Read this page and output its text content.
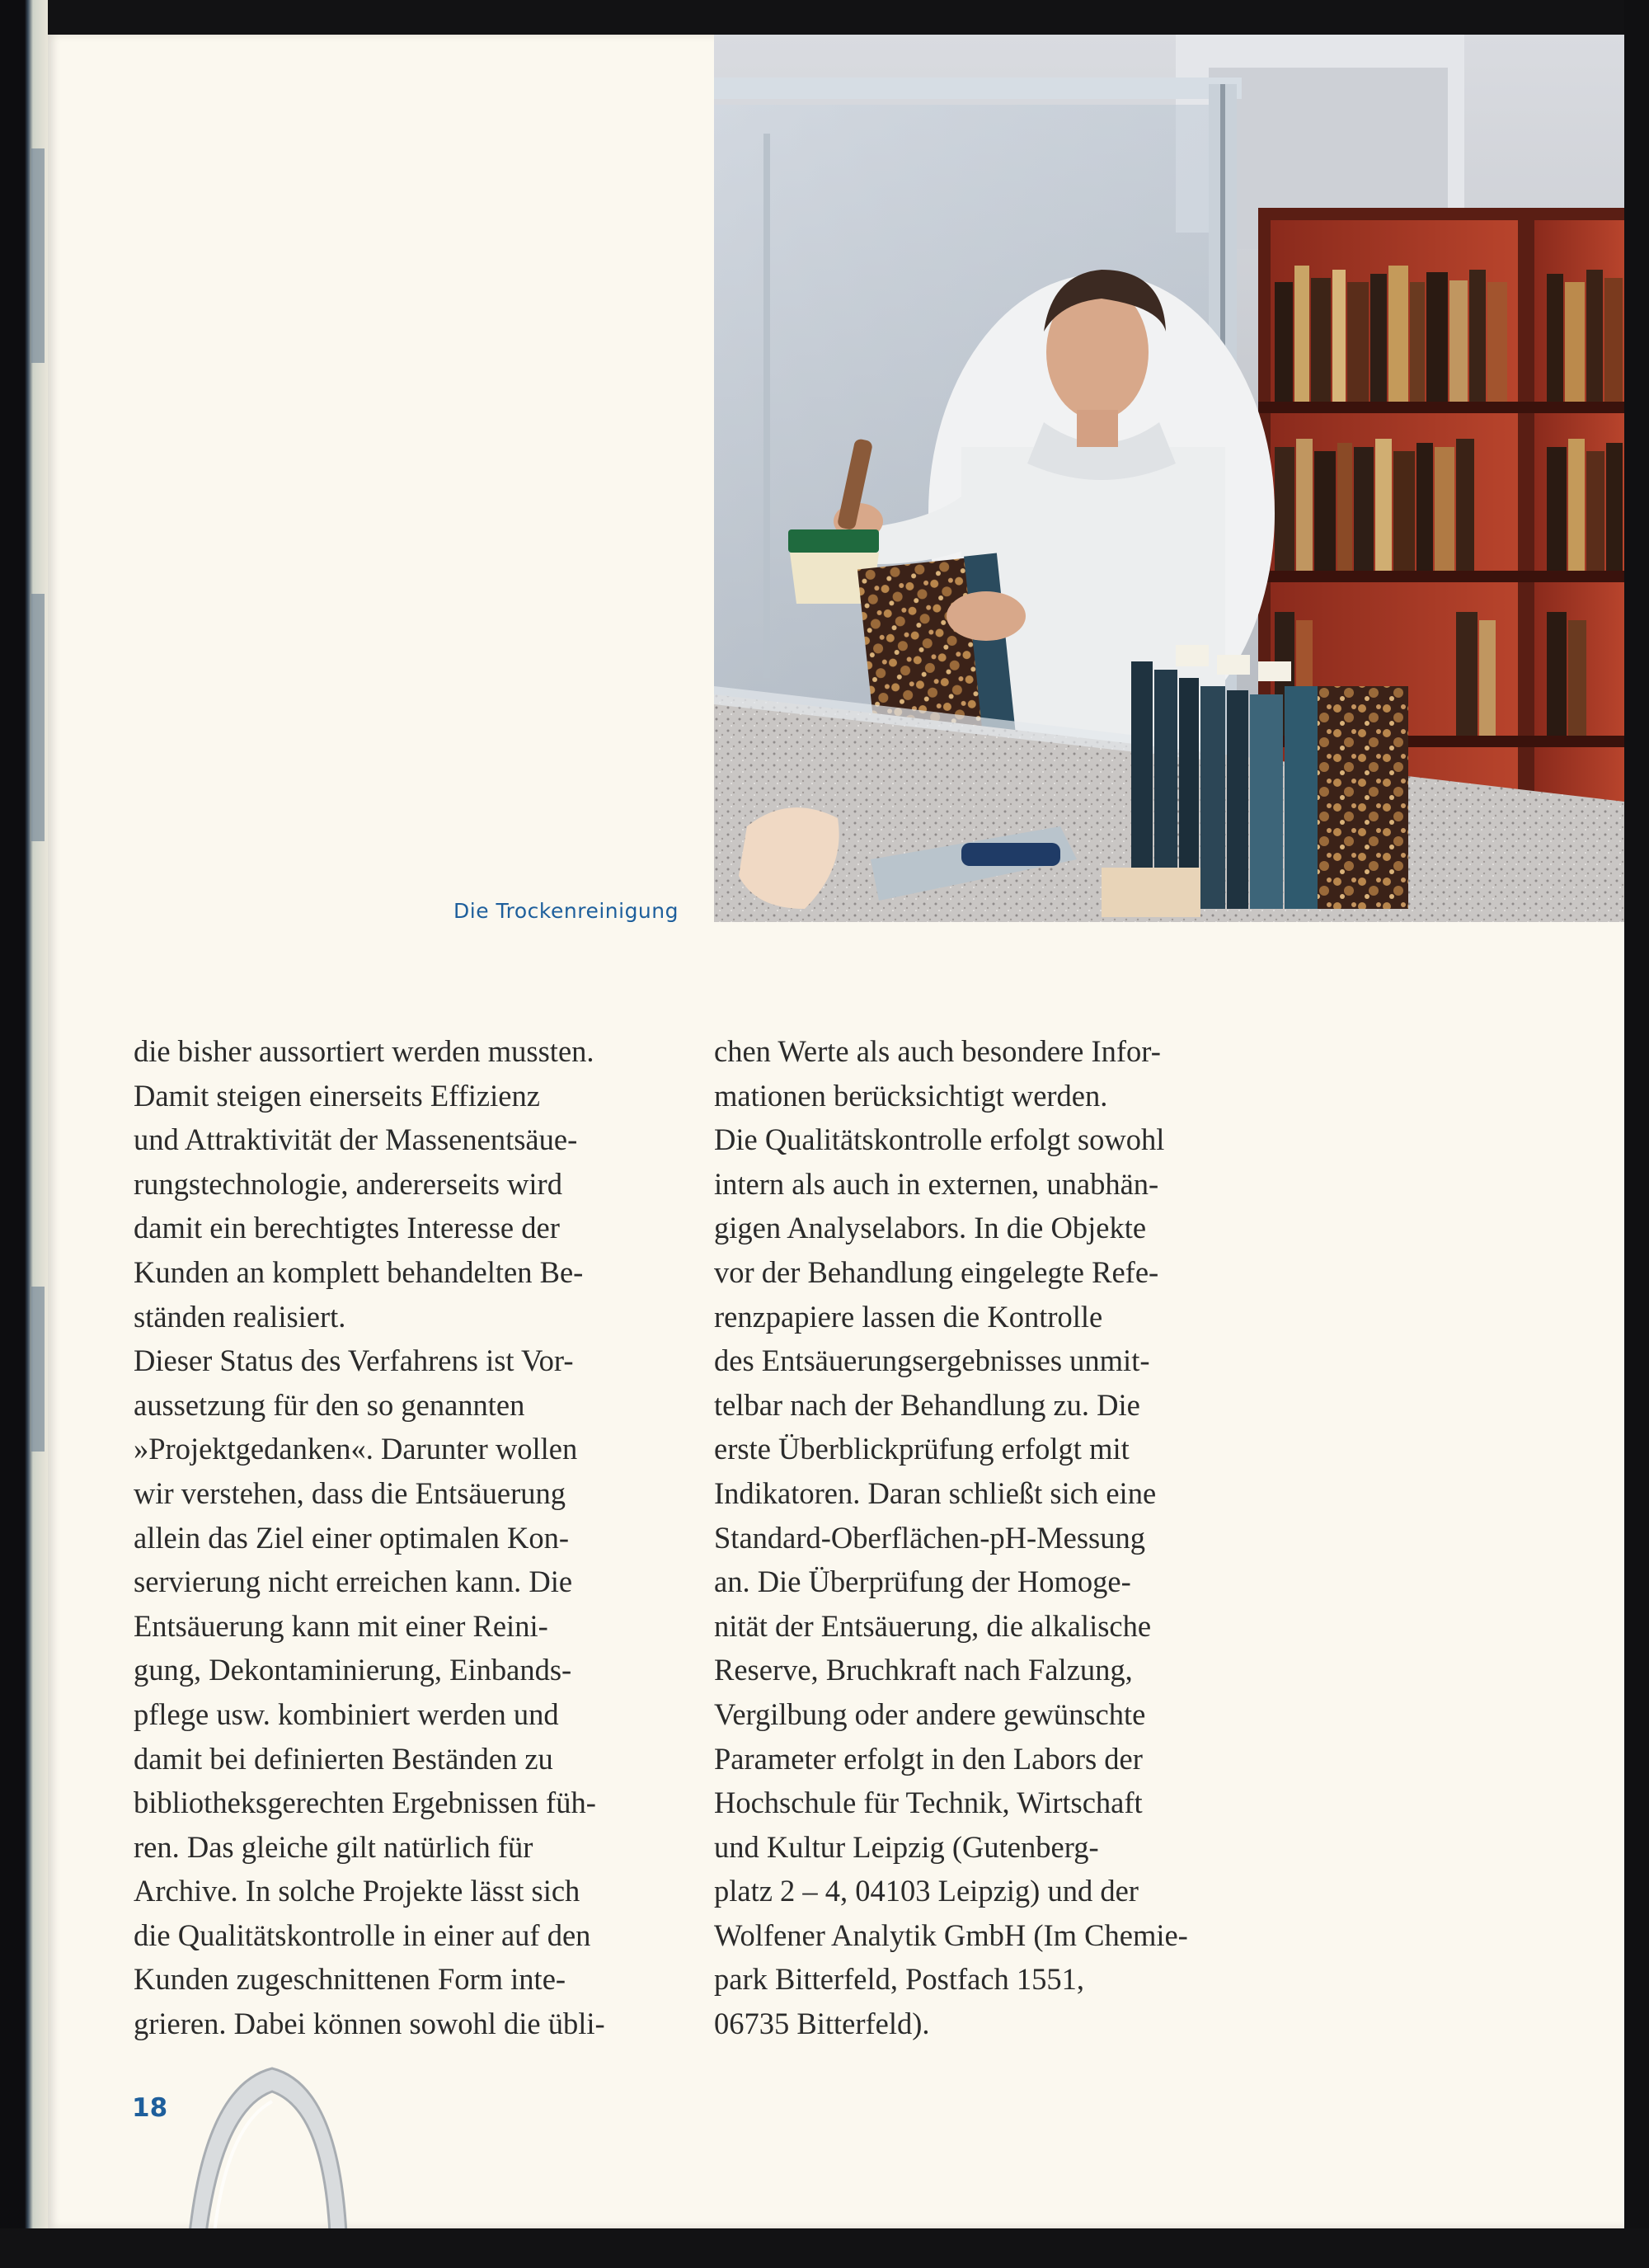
Die Trockenreinigung
die bisher aussortiert werden mussten.
Damit steigen einerseits Effizienz
und Attraktivität der Massenentsäue-
rungstechnologie, andererseits wird
damit ein berechtigtes Interesse der
Kunden an komplett behandelten Be-
ständen realisiert.
Dieser Status des Verfahrens ist Vor-
aussetzung für den so genannten
»Projektgedanken«. Darunter wollen
wir verstehen, dass die Entsäuerung
allein das Ziel einer optimalen Kon-
servierung nicht erreichen kann. Die
Entsäuerung kann mit einer Reini-
gung, Dekontaminierung, Einbands-
pflege usw. kombiniert werden und
damit bei definierten Beständen zu
bibliotheksgerechten Ergebnissen füh-
ren. Das gleiche gilt natürlich für
Archive. In solche Projekte lässt sich
die Qualitätskontrolle in einer auf den
Kunden zugeschnittenen Form inte-
grieren. Dabei können sowohl die übli-
chen Werte als auch besondere Infor-
mationen berücksichtigt werden.
Die Qualitätskontrolle erfolgt sowohl
intern als auch in externen, unabhän-
gigen Analyselabors. In die Objekte
vor der Behandlung eingelegte Refe-
renzpapiere lassen die Kontrolle
des Entsäuerungsergebnisses unmit-
telbar nach der Behandlung zu. Die
erste Überblickprüfung erfolgt mit
Indikatoren. Daran schließt sich eine
Standard-Oberflächen-pH-Messung
an. Die Überprüfung der Homoge-
nität der Entsäuerung, die alkalische
Reserve, Bruchkraft nach Falzung,
Vergilbung oder andere gewünschte
Parameter erfolgt in den Labors der
Hochschule für Technik, Wirtschaft
und Kultur Leipzig (Gutenberg-
platz 2 – 4, 04103 Leipzig) und der
Wolfener Analytik GmbH (Im Chemie-
park Bitterfeld, Postfach 1551,
06735 Bitterfeld).
18
